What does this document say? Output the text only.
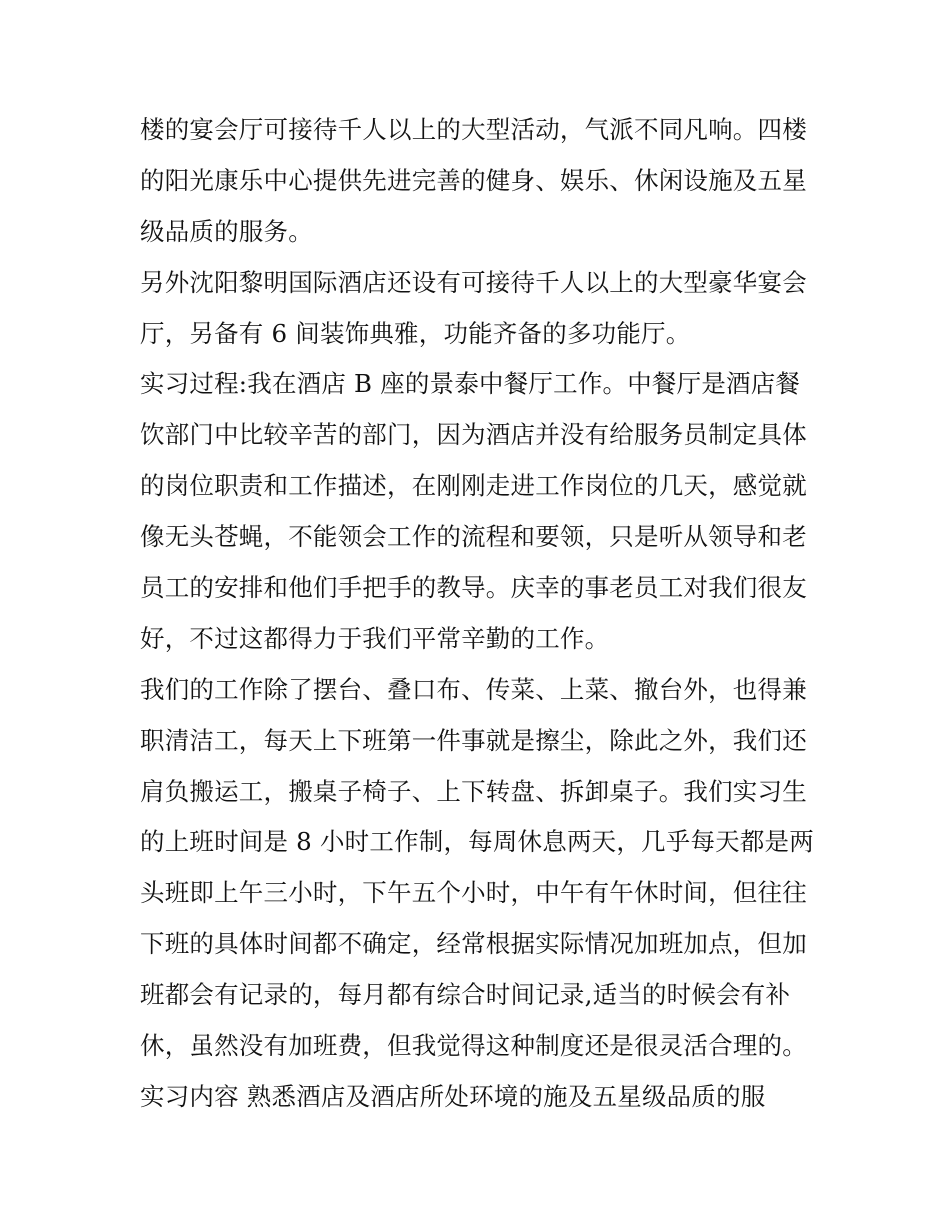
楼的宴会厅可接待千人以上的大型活动，气派不同凡响。四楼
的阳光康乐中心提供先进完善的健身、娱乐、休闲设施及五星
级品质的服务。
另外沈阳黎明国际酒店还设有可接待千人以上的大型豪华宴会
厅，另备有 6 间装饰典雅，功能齐备的多功能厅。
实习过程:我在酒店 B 座的景泰中餐厅工作。中餐厅是酒店餐
饮部门中比较辛苦的部门，因为酒店并没有给服务员制定具体
的岗位职责和工作描述，在刚刚走进工作岗位的几天，感觉就
像无头苍蝇，不能领会工作的流程和要领，只是听从领导和老
员工的安排和他们手把手的教导。庆幸的事老员工对我们很友
好，不过这都得力于我们平常辛勤的工作。
我们的工作除了摆台、叠口布、传菜、上菜、撤台外，也得兼
职清洁工，每天上下班第一件事就是擦尘，除此之外，我们还
肩负搬运工，搬桌子椅子、上下转盘、拆卸桌子。我们实习生
的上班时间是 8 小时工作制，每周休息两天，几乎每天都是两
头班即上午三小时，下午五个小时，中午有午休时间，但往往
下班的具体时间都不确定，经常根据实际情况加班加点，但加
班都会有记录的，每月都有综合时间记录,适当的时候会有补
休，虽然没有加班费，但我觉得这种制度还是很灵活合理的。
实习内容 熟悉酒店及酒店所处环境的施及五星级品质的服
